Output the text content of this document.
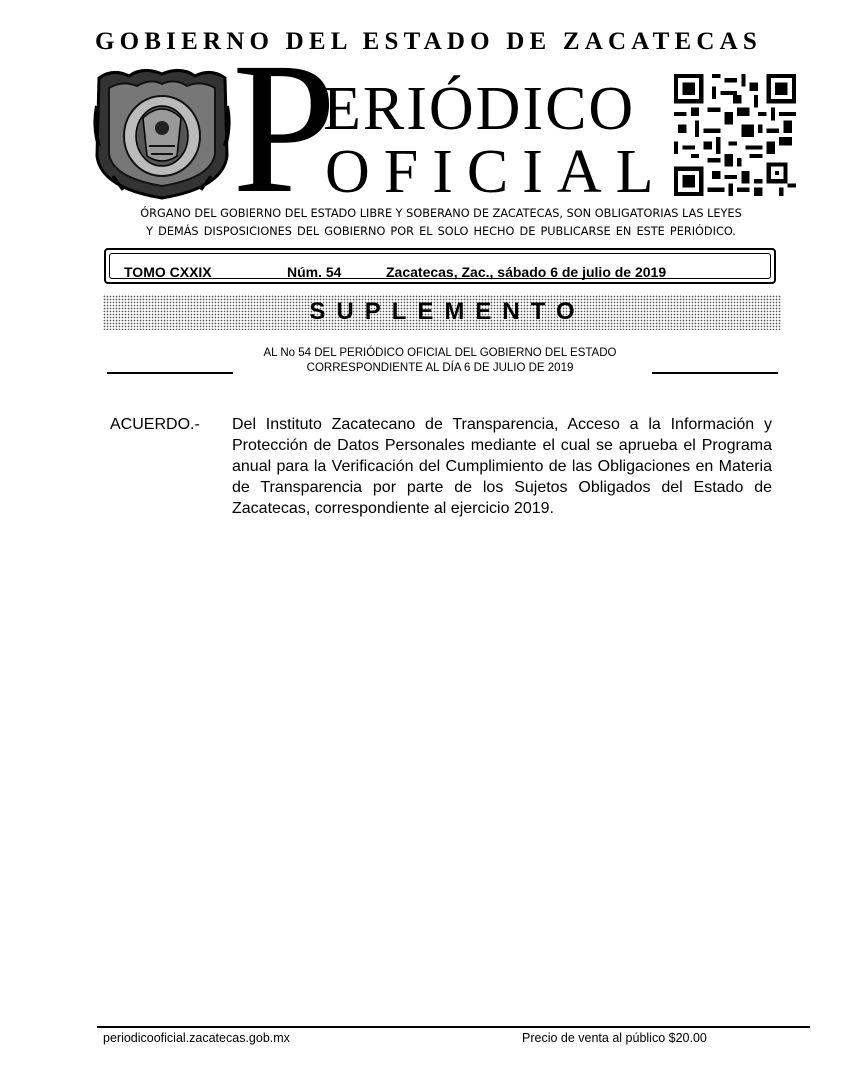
GOBIERNO DEL ESTADO DE ZACATECAS
P
ERIÓDICO
OFICIAL
ÓRGANO DEL GOBIERNO DEL ESTADO LIBRE Y SOBERANO DE ZACATECAS, SON OBLIGATORIAS LAS LEYES
Y DEMÁS DISPOSICIONES DEL GOBIERNO POR EL SOLO HECHO DE PUBLICARSE EN ESTE PERIÓDICO.
TOMO CXXIX	Núm. 54	Zacatecas, Zac., sábado 6 de julio de 2019
SUPLEMENTO
AL No 54 DEL PERIÓDICO OFICIAL DEL GOBIERNO DEL ESTADO
CORRESPONDIENTE AL DÍA 6 DE JULIO DE 2019
ACUERDO.- Del Instituto Zacatecano de Transparencia, Acceso a la Información y Protección de Datos Personales mediante el cual se aprueba el Programa anual para la Verificación del Cumplimiento de las Obligaciones en Materia de Transparencia por parte de los Sujetos Obligados del Estado de Zacatecas, correspondiente al ejercicio 2019.
periodicooficial.zacatecas.gob.mx	Precio de venta al público $20.00
